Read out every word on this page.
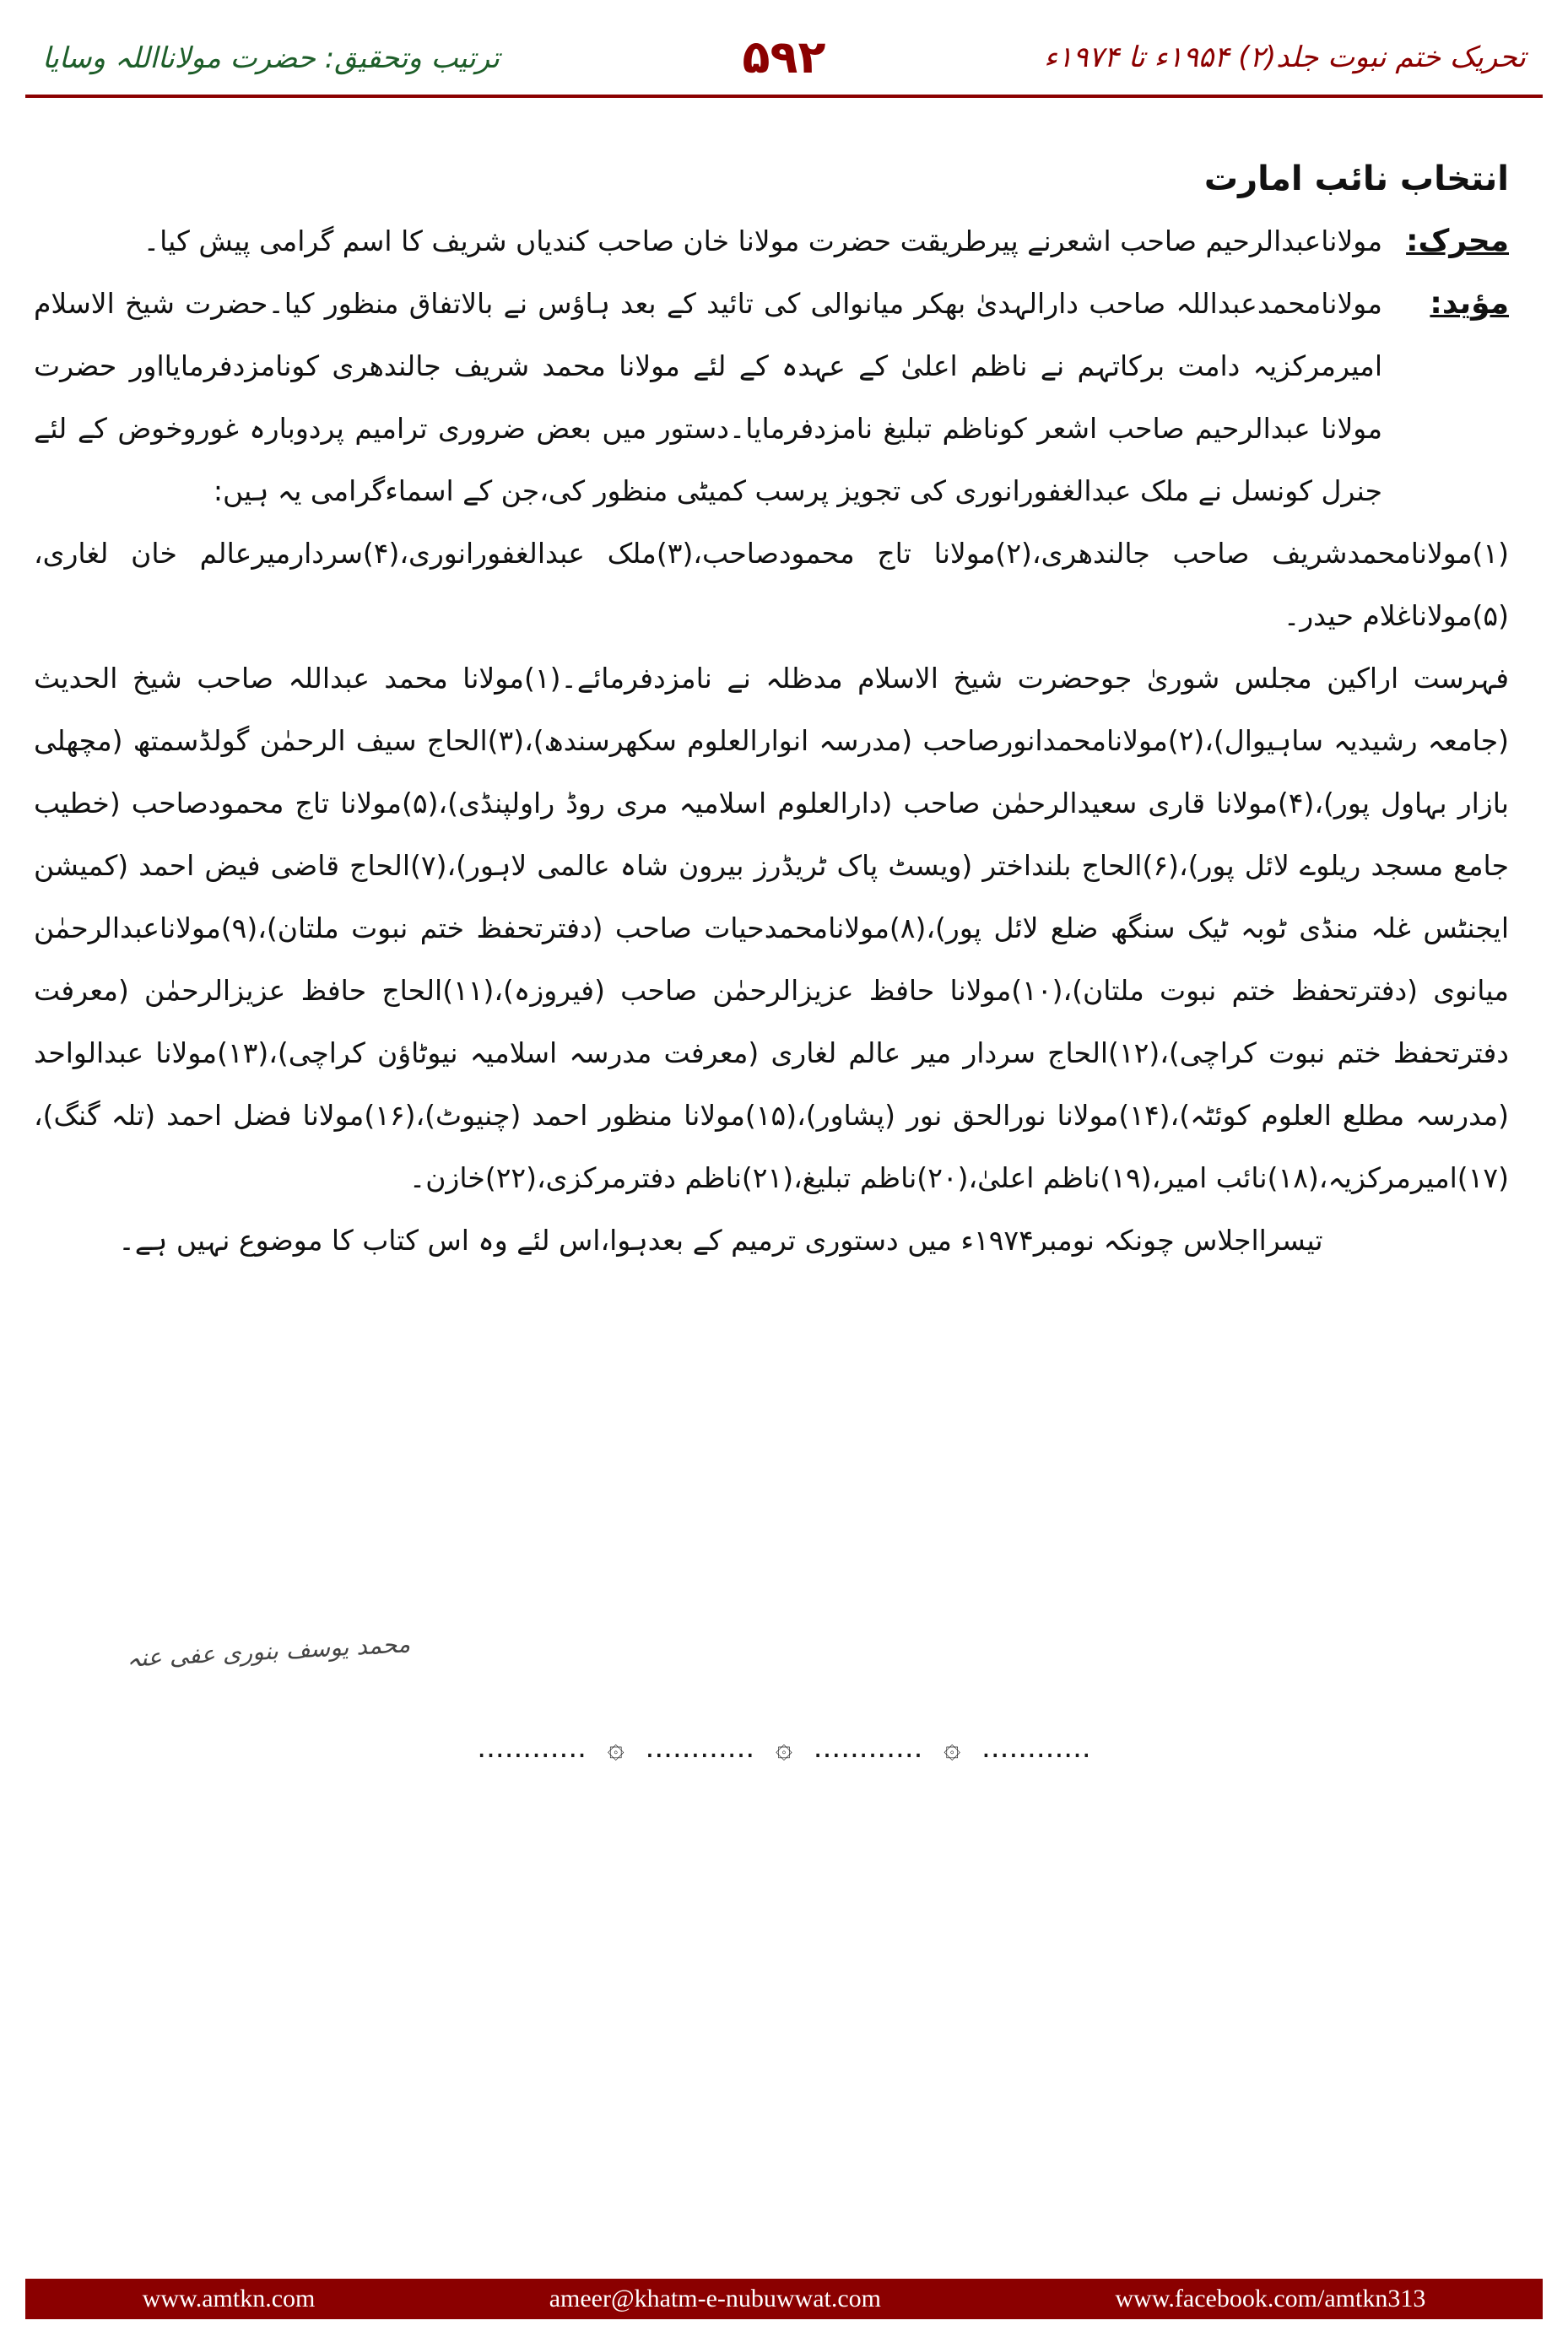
تحریک ختم نبوت جلد(۲) ۱۹۵۴ء تا ۱۹۷۴ء
۵۹۲
ترتیب وتحقیق: حضرت مولانااللہ وسایا
انتخاب نائب امارت
محرک:
مولاناعبدالرحیم صاحب اشعرنے پیرطریقت حضرت مولانا خان صاحب کندیاں شریف کا اسم گرامی پیش کیا۔
مؤید:
مولانامحمدعبداللہ صاحب دارالہدیٰ بھکر میانوالی کی تائید کے بعد ہاؤس نے بالاتفاق منظور کیا۔حضرت شیخ الاسلام امیرمرکزیہ دامت برکاتہم نے ناظم اعلیٰ کے عہدہ کے لئے مولانا محمد شریف جالندھری کونامزدفرمایااور حضرت مولانا عبدالرحیم صاحب اشعر کوناظم تبلیغ نامزدفرمایا۔دستور میں بعض ضروری ترامیم پردوبارہ غوروخوض کے لئے جنرل کونسل نے ملک عبدالغفورانوری کی تجویز پرسب کمیٹی منظور کی،جن کے اسماءگرامی یہ ہیں:

(۱)مولانامحمدشریف صاحب جالندھری،(۲)مولانا تاج محمودصاحب،(۳)ملک عبدالغفورانوری،(۴)سردارمیرعالم خان لغاری،(۵)مولاناغلام حیدر۔

فہرست اراکین مجلس شوریٰ جوحضرت شیخ الاسلام مدظلہ نے نامزدفرمائے۔(۱)مولانا محمد عبداللہ صاحب شیخ الحدیث (جامعہ رشیدیہ ساہیوال)،(۲)مولانامحمدانورصاحب (مدرسہ انوارالعلوم سکھرسندھ)،(۳)الحاج سیف الرحمٰن گولڈسمتھ (مچھلی بازار بہاول پور)،(۴)مولانا قاری سعیدالرحمٰن صاحب (دارالعلوم اسلامیہ مری روڈ راولپنڈی)،(۵)مولانا تاج محمودصاحب (خطیب جامع مسجد ریلوے لائل پور)،(۶)الحاج بلنداختر (ویسٹ پاک ٹریڈرز بیرون شاہ عالمی لاہور)،(۷)الحاج قاضی فیض احمد (کمیشن ایجنٹس غلہ منڈی ٹوبہ ٹیک سنگھ ضلع لائل پور)،(۸)مولانامحمدحیات صاحب (دفترتحفظ ختم نبوت ملتان)،(۹)مولاناعبدالرحمٰن میانوی (دفترتحفظ ختم نبوت ملتان)،(۱۰)مولانا حافظ عزیزالرحمٰن صاحب (فیروزہ)،(۱۱)الحاج حافظ عزیزالرحمٰن (معرفت دفترتحفظ ختم نبوت کراچی)،(۱۲)الحاج سردار میر عالم لغاری (معرفت مدرسہ اسلامیہ نیوٹاؤن کراچی)،(۱۳)مولانا عبدالواحد (مدرسہ مطلع العلوم کوئٹہ)،(۱۴)مولانا نورالحق نور (پشاور)،(۱۵)مولانا منظور احمد (چنیوٹ)،(۱۶)مولانا فضل احمد (تلہ گنگ)،(۱۷)امیرمرکزیہ،(۱۸)نائب امیر،(۱۹)ناظم اعلیٰ،(۲۰)ناظم تبلیغ،(۲۱)ناظم دفترمرکزی،(۲۲)خازن۔

تیسرااجلاس چونکہ نومبر۱۹۷۴ء میں دستوری ترمیم کے بعدہوا،اس لئے وہ اس کتاب کا موضوع نہیں ہے۔

محمد یوسف بنوری عفی عنہ
............ ۞ ............ ۞ ............ ۞ ............
www.amtkn.com	ameer@khatm-e-nubuwwat.com	www.facebook.com/amtkn313
